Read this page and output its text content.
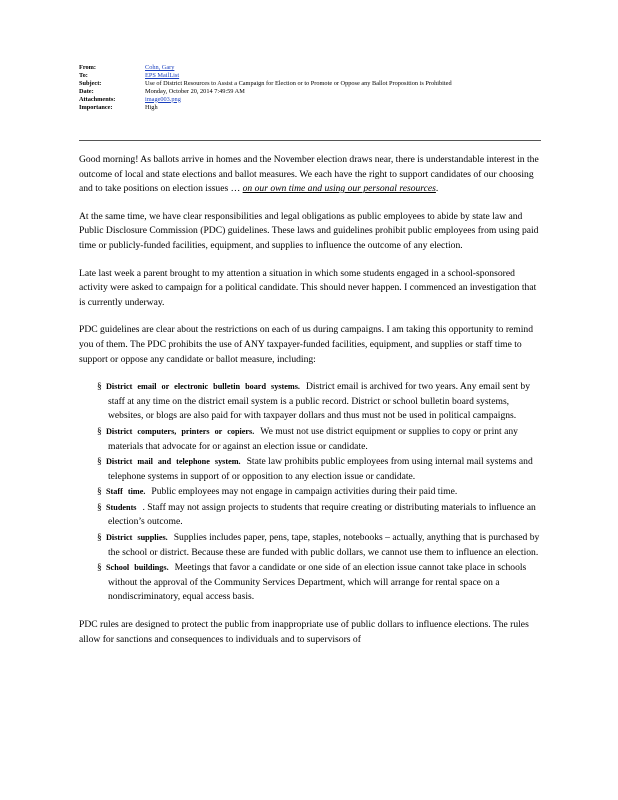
From:	Cohn, Gary
To:	EPS MailList
Subject:	Use of District Resources to Assist a Campaign for Election or to Promote or Oppose any Ballot Proposition is Prohibited
Date:	Monday, October 20, 2014 7:49:59 AM
Attachments:	image003.png
Importance:	High

Good morning! As ballots arrive in homes and the November election draws near, there is understandable interest in the outcome of local and state elections and ballot measures. We each have the right to support candidates of our choosing and to take positions on election issues … on our own time and using our personal resources.

At the same time, we have clear responsibilities and legal obligations as public employees to abide by state law and Public Disclosure Commission (PDC) guidelines. These laws and guidelines prohibit public employees from using paid time or publicly-funded facilities, equipment, and supplies to influence the outcome of any election.

Late last week a parent brought to my attention a situation in which some students engaged in a school-sponsored activity were asked to campaign for a political candidate. This should never happen. I commenced an investigation that is currently underway.

PDC guidelines are clear about the restrictions on each of us during campaigns. I am taking this opportunity to remind you of them. The PDC prohibits the use of ANY taxpayer-funded facilities, equipment, and supplies or staff time to support or oppose any candidate or ballot measure, including:

§ District email or electronic bulletin board systems. District email is archived for two years. Any email sent by staff at any time on the district email system is a public record. District or school bulletin board systems, websites, or blogs are also paid for with taxpayer dollars and thus must not be used in political campaigns.
§ District computers, printers or copiers. We must not use district equipment or supplies to copy or print any materials that advocate for or against an election issue or candidate.
§ District mail and telephone system. State law prohibits public employees from using internal mail systems and telephone systems in support of or opposition to any election issue or candidate.
§ Staff time. Public employees may not engage in campaign activities during their paid time.
§ Students . Staff may not assign projects to students that require creating or distributing materials to influence an election’s outcome.
§ District supplies. Supplies includes paper, pens, tape, staples, notebooks – actually, anything that is purchased by the school or district. Because these are funded with public dollars, we cannot use them to influence an election.
§ School buildings. Meetings that favor a candidate or one side of an election issue cannot take place in schools without the approval of the Community Services Department, which will arrange for rental space on a nondiscriminatory, equal access basis.

PDC rules are designed to protect the public from inappropriate use of public dollars to influence elections. The rules allow for sanctions and consequences to individuals and to supervisors of
